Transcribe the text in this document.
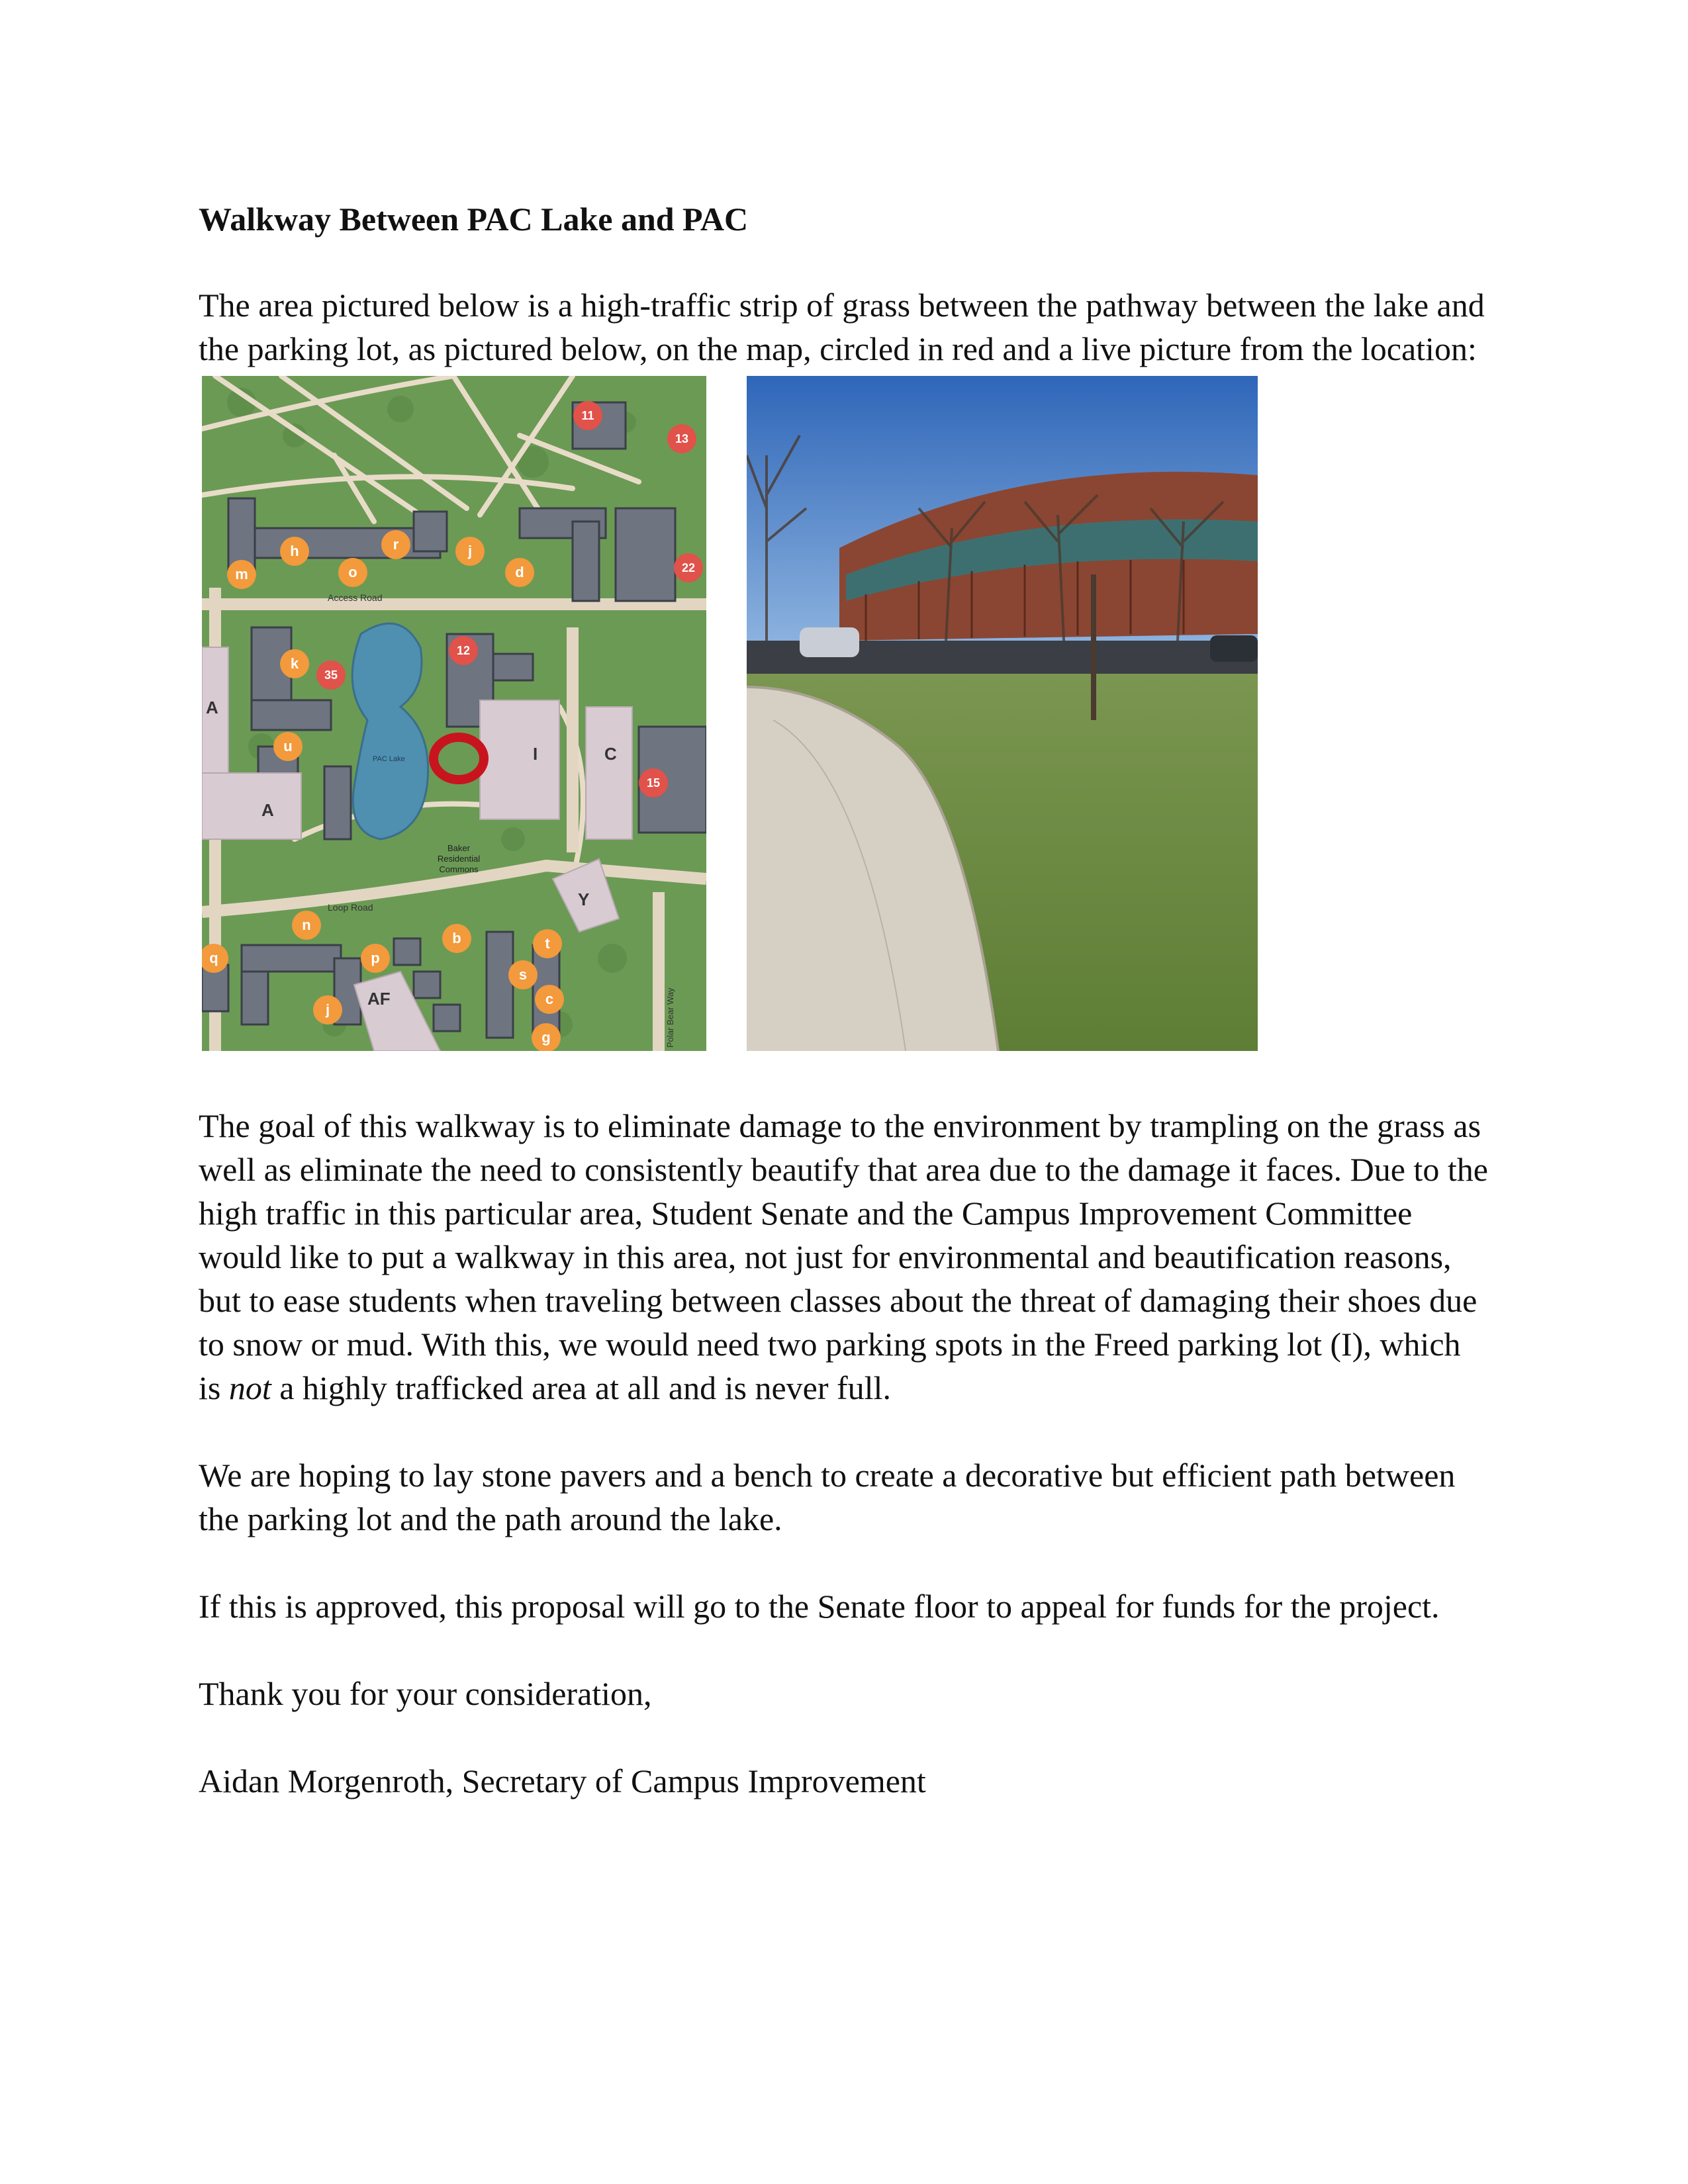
Walkway Between PAC Lake and PAC
The area pictured below is a high-traffic strip of grass between the pathway between the lake and
the parking lot, as pictured below, on the map, circled in red and a live picture from the location:
Access Road
Loop Road
Polar Bear Way
PAC Lake
Baker
Residential
Commons
A
A
I	C
Y
AF
11
13
22
12
35
15
m
h
o
r	j
d
k
u
n
q	p
b	t
s
c
g
j
The goal of this walkway is to eliminate damage to the environment by trampling on the grass as
well as eliminate the need to consistently beautify that area due to the damage it faces. Due to the
high traffic in this particular area, Student Senate and the Campus Improvement Committee
would like to put a walkway in this area, not just for environmental and beautification reasons,
but to ease students when traveling between classes about the threat of damaging their shoes due
to snow or mud. With this, we would need two parking spots in the Freed parking lot (I), which
is not a highly trafficked area at all and is never full.
We are hoping to lay stone pavers and a bench to create a decorative but efficient path between
the parking lot and the path around the lake.
If this is approved, this proposal will go to the Senate floor to appeal for funds for the project.
Thank you for your consideration,
Aidan Morgenroth, Secretary of Campus Improvement
